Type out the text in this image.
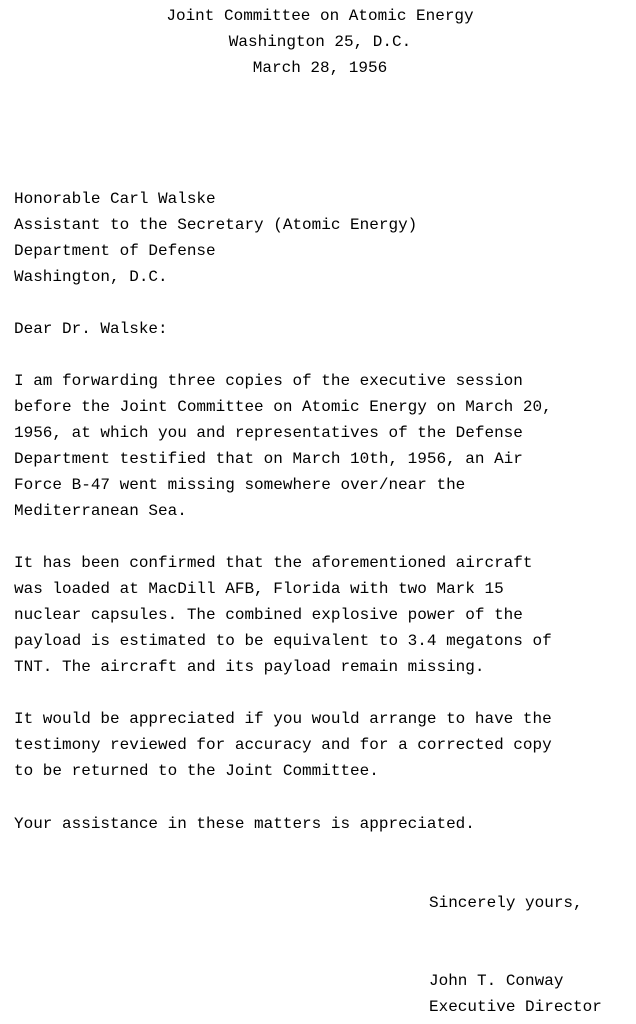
Joint Committee on Atomic Energy
Washington 25, D.C.
March 28, 1956
Honorable Carl Walske
Assistant to the Secretary (Atomic Energy)
Department of Defense
Washington, D.C.
Dear Dr. Walske:
I am forwarding three copies of the executive session
before the Joint Committee on Atomic Energy on March 20,
1956, at which you and representatives of the Defense
Department testified that on March 10th, 1956, an Air
Force B-47 went missing somewhere over/near the
Mediterranean Sea.
It has been confirmed that the aforementioned aircraft
was loaded at MacDill AFB, Florida with two Mark 15
nuclear capsules. The combined explosive power of the
payload is estimated to be equivalent to 3.4 megatons of
TNT. The aircraft and its payload remain missing.
It would be appreciated if you would arrange to have the
testimony reviewed for accuracy and for a corrected copy
to be returned to the Joint Committee.
Your assistance in these matters is appreciated.
Sincerely yours,
John T. Conway
Executive Director
